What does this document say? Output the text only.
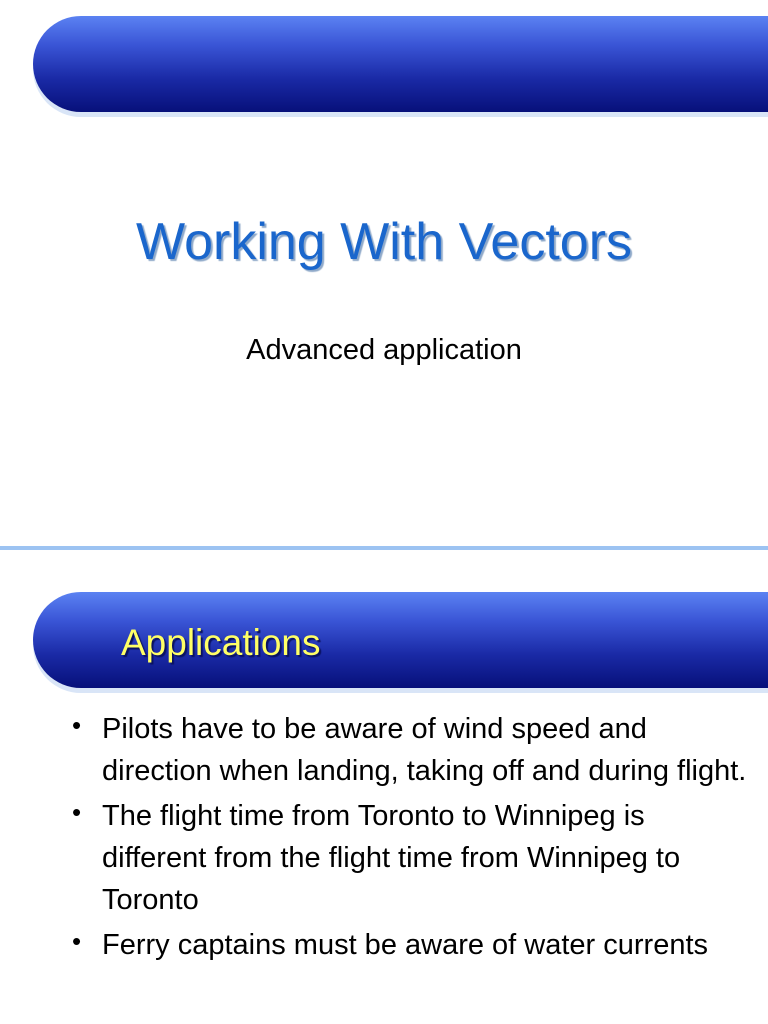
Working With Vectors
Advanced application
Applications
• Pilots have to be aware of wind speed and direction when landing, taking off and during flight.
• The flight time from Toronto to Winnipeg is different from the flight time from Winnipeg to Toronto
• Ferry captains must be aware of water currents
